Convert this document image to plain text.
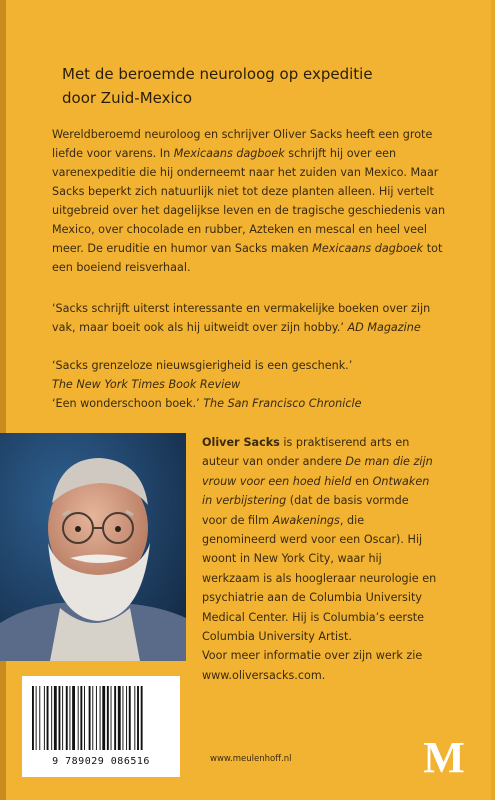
Met de beroemde neuroloog op expeditie
door Zuid-Mexico
Wereldberoemd neuroloog en schrijver Oliver Sacks heeft een grote liefde voor varens. In Mexicaans dagboek schrijft hij over een varenexpeditie die hij onderneemt naar het zuiden van Mexico. Maar Sacks beperkt zich natuurlijk niet tot deze planten alleen. Hij vertelt uitgebreid over het dagelijkse leven en de tragische geschiedenis van Mexico, over chocolade en rubber, Azteken en mescal en heel veel meer. De eruditie en humor van Sacks maken Mexicaans dagboek tot een boeiend reisverhaal.
‘Sacks schrijft uiterst interessante en vermakelijke boeken over zijn vak, maar boeit ook als hij uitweidt over zijn hobby.’ AD Magazine
‘Sacks grenzeloze nieuwsgierigheid is een geschenk.’
The New York Times Book Review
‘Een wonderschoon boek.’ The San Francisco Chronicle
Oliver Sacks is praktiserend arts en auteur van onder andere De man die zijn vrouw voor een hoed hield en Ontwaken in verbijstering (dat de basis vormde voor de film Awakenings, die genomineerd werd voor een Oscar). Hij woont in New York City, waar hij werkzaam is als hoogleraar neurologie en psychiatrie aan de Columbia University Medical Center. Hij is Columbia’s eerste Columbia University Artist.
Voor meer informatie over zijn werk zie www.oliversacks.com.
9 789029 086516	www.meulenhoff.nl	M
